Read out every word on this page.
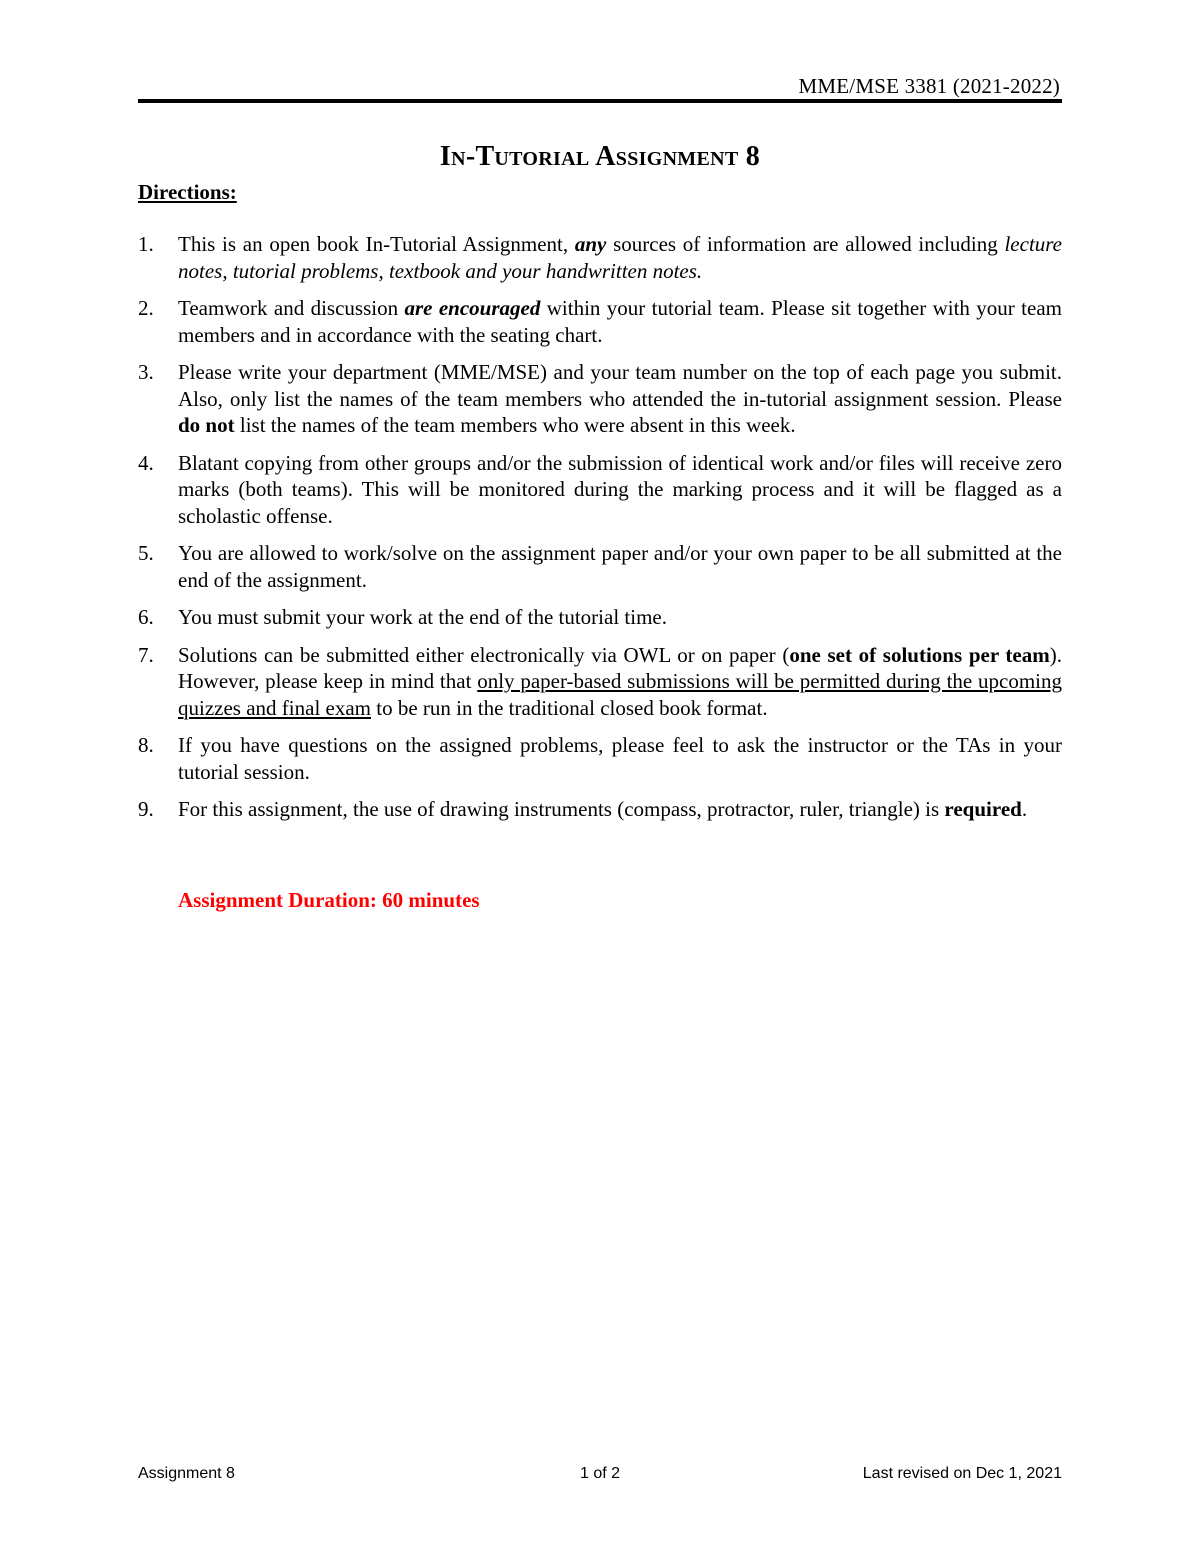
MME/MSE 3381 (2021-2022)
In-Tutorial Assignment 8
Directions:
1.	This is an open book In-Tutorial Assignment, any sources of information are allowed including lecture notes, tutorial problems, textbook and your handwritten notes.
2.	Teamwork and discussion are encouraged within your tutorial team. Please sit together with your team members and in accordance with the seating chart.
3.	Please write your department (MME/MSE) and your team number on the top of each page you submit. Also, only list the names of the team members who attended the in-tutorial assignment session. Please do not list the names of the team members who were absent in this week.
4.	Blatant copying from other groups and/or the submission of identical work and/or files will receive zero marks (both teams). This will be monitored during the marking process and it will be flagged as a scholastic offense.
5.	You are allowed to work/solve on the assignment paper and/or your own paper to be all submitted at the end of the assignment.
6.	You must submit your work at the end of the tutorial time.
7.	Solutions can be submitted either electronically via OWL or on paper (one set of solutions per team). However, please keep in mind that only paper-based submissions will be permitted during the upcoming quizzes and final exam to be run in the traditional closed book format.
8.	If you have questions on the assigned problems, please feel to ask the instructor or the TAs in your tutorial session.
9.	For this assignment, the use of drawing instruments (compass, protractor, ruler, triangle) is required.
Assignment Duration: 60 minutes
Assignment 8	1 of 2	Last revised on Dec 1, 2021
